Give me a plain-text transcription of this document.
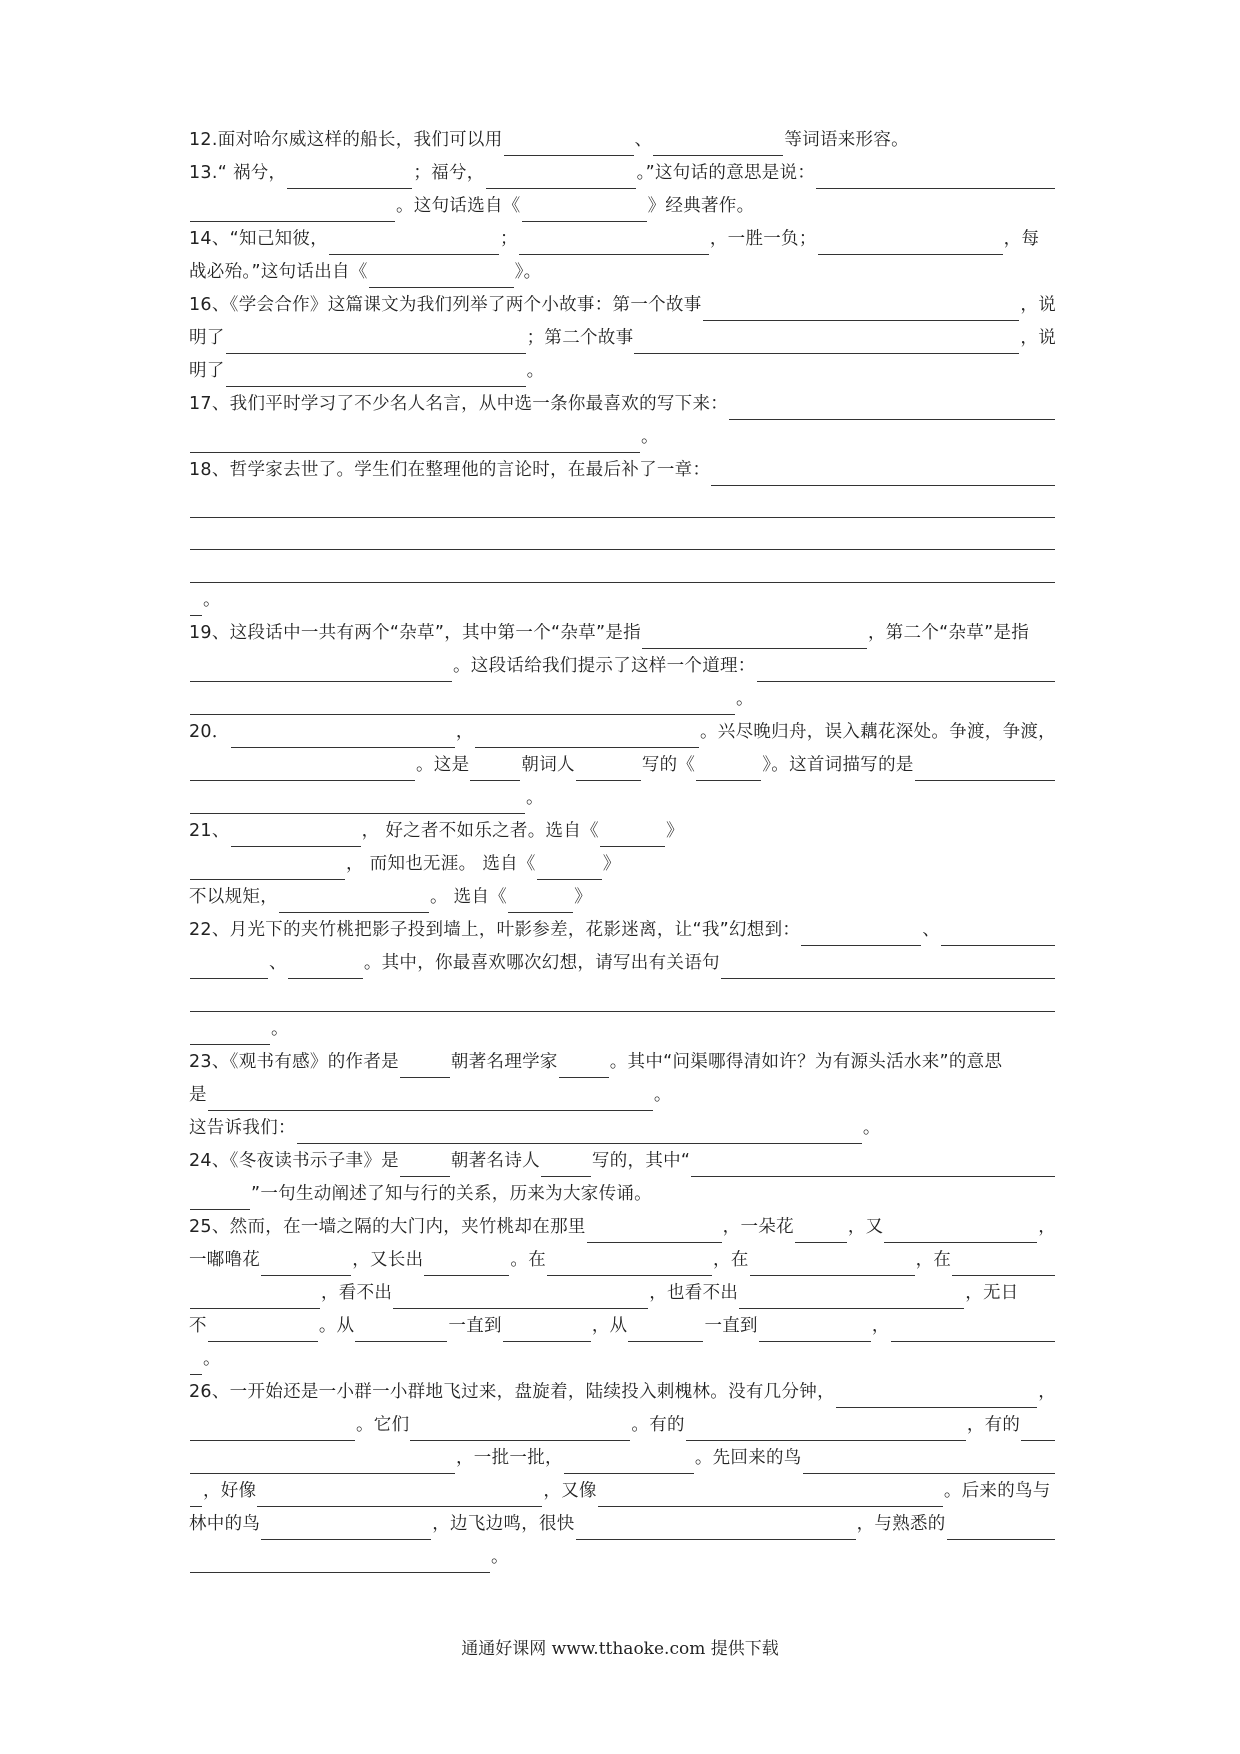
通通好课网 www.tthaoke.com 提供下载
12.面对哈尔威这样的船长，我们可以用	、	等词语来形容。
13.“ 祸兮，	；福兮，	。”这句话的意思是说：
。这句话选自《	》经典著作。
14、“知己知彼，	；	，一胜一负；	，每
战必殆。”这句话出自《	》。
16、《学会合作》这篇课文为我们列举了两个小故事：第一个故事	，说
明了	；第二个故事	，说
明了	。
17、我们平时学习了不少名人名言，从中选一条你最喜欢的写下来：
。
18、哲学家去世了。学生们在整理他的言论时，在最后补了一章：
。
19、这段话中一共有两个“杂草”，其中第一个“杂草”是指	，第二个“杂草”是指
。这段话给我们提示了这样一个道理：
。
20．	，	。兴尽晚归舟，误入藕花深处。争渡，争渡，
。这是	朝词人	写的《	》。这首词描写的是
。
21、	， 好之者不如乐之者。选自《	》
， 而知也无涯。 选自《	》
不以规矩，	。 选自《	》
22、月光下的夹竹桃把影子投到墙上，叶影参差，花影迷离，让“我”幻想到：	、
、	。其中，你最喜欢哪次幻想，请写出有关语句
。
23、《观书有感》的作者是	朝著名理学家	。其中“问渠哪得清如许？为有源头活水来”的意思
是	。
这告诉我们：	。
24、《冬夜读书示子聿》是	朝著名诗人	写的，其中“
”一句生动阐述了知与行的关系，历来为大家传诵。
25、然而，在一墙之隔的大门内，夹竹桃却在那里	，一朵花	，又	，
一嘟噜花	，又长出	。在	，在	，在
，看不出	，也看不出	，无日
不	。从	一直到	，从	一直到	，
。
26、一开始还是一小群一小群地飞过来，盘旋着，陆续投入刺槐林。没有几分钟，	，
。它们	。有的	，有的
，一批一批，	。先回来的鸟
，好像	，又像	。后来的鸟与
林中的鸟	，边飞边鸣，很快	，与熟悉的
。
